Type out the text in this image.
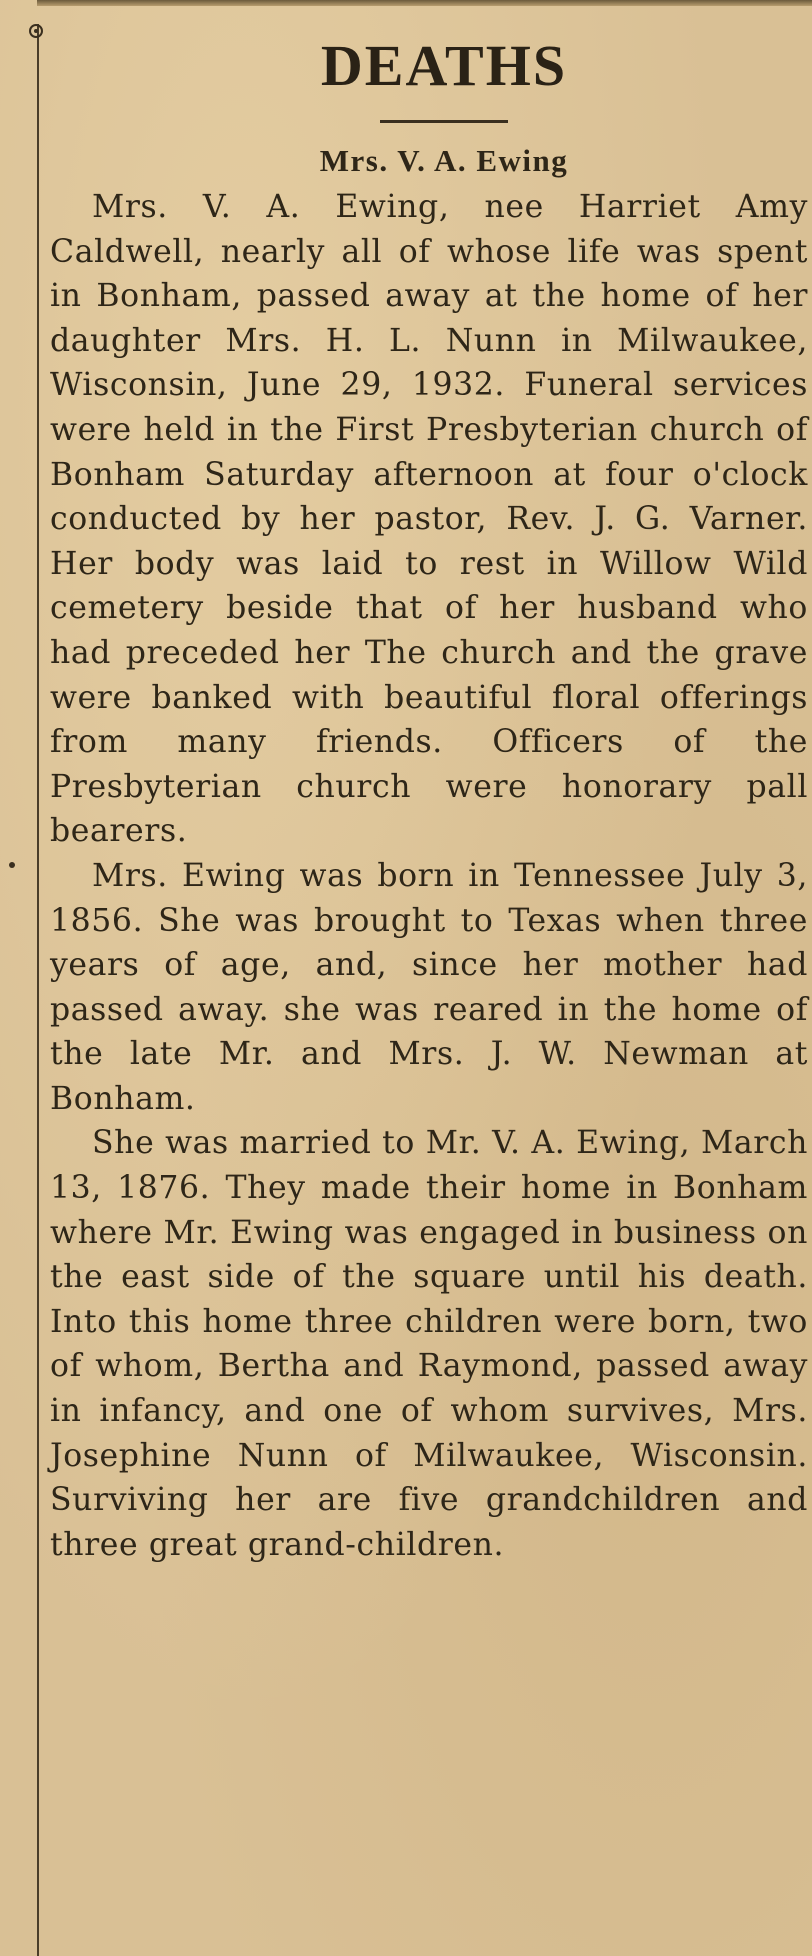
DEATHS
Mrs. V. A. Ewing

Mrs. V. A. Ewing, nee Harriet Amy Caldwell, nearly all of whose life was spent in Bonham, passed away at the home of her daughter Mrs. H. L. Nunn in Milwaukee, Wisconsin, June 29, 1932. Funeral services were held in the First Presbyterian church of Bonham Saturday afternoon at four o'clock conducted by her pastor, Rev. J. G. Varner. Her body was laid to rest in Willow Wild cemetery beside that of her husband who had preceded her The church and the grave were banked with beautiful floral offerings from many friends. Officers of the Presbyterian church were honorary pall bearers.

Mrs. Ewing was born in Tennessee July 3, 1856. She was brought to Texas when three years of age, and, since her mother had passed away. she was reared in the home of the late Mr. and Mrs. J. W. Newman at Bonham.

She was married to Mr. V. A. Ewing, March 13, 1876. They made their home in Bonham where Mr. Ewing was engaged in business on the east side of the square until his death. Into this home three children were born, two of whom, Bertha and Raymond, passed away in infancy, and one of whom survives, Mrs. Josephine Nunn of Milwaukee, Wisconsin. Surviving her are five grandchildren and three great grand-children.
